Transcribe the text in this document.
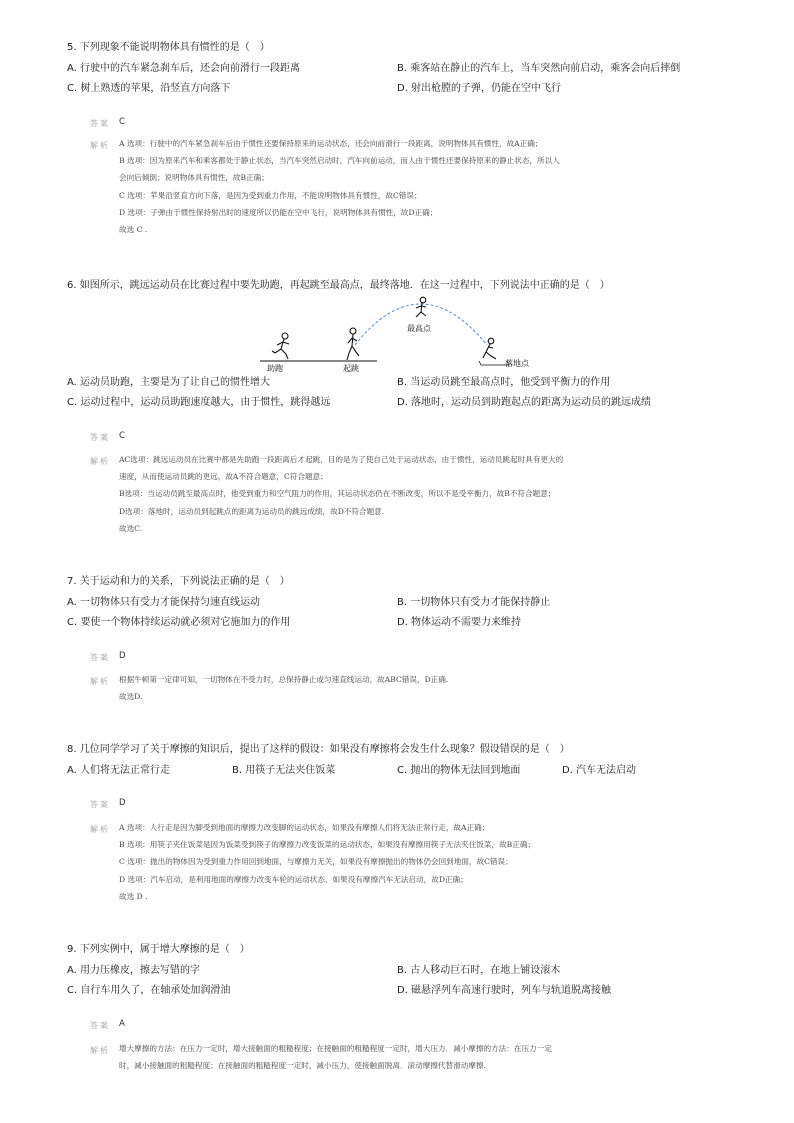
5. 下列现象不能说明物体具有惯性的是（　）
A. 行驶中的汽车紧急刹车后，还会向前滑行一段距离	B. 乘客站在静止的汽车上，当车突然向前启动，乘客会向后摔倒
C. 树上熟透的苹果，沿竖直方向落下	D. 射出枪膛的子弹，仍能在空中飞行
答案 C
解析 A 选项：行驶中的汽车紧急刹车后由于惯性还要保持原来的运动状态，还会向前滑行一段距离，说明物体具有惯性，故A正确；
B 选项：因为原来汽车和乘客都处于静止状态，当汽车突然启动时，汽车向前运动，而人由于惯性还要保持原来的静止状态，所以人
会向后倾倒；说明物体具有惯性，故B正确；
C 选项：苹果沿竖直方向下落，是因为受到重力作用，不能说明物体具有惯性，故C错误；
D 选项：子弹由于惯性保持射出时的速度所以仍能在空中飞行，说明物体具有惯性，故D正确；
故选 C .
6. 如图所示，跳远运动员在比赛过程中要先助跑，再起跳至最高点，最终落地．在这一过程中，下列说法中正确的是（　）
助跑	起跳
最高点
落地点
A. 运动员助跑，主要是为了让自己的惯性增大	B. 当运动员跳至最高点时，他受到平衡力的作用
C. 运动过程中，运动员助跑速度越大，由于惯性，跳得越远	D. 落地时，运动员到助跑起点的距离为运动员的跳远成绩
答案 C
解析 AC选项：跳远运动员在比赛中都是先助跑一段距离后才起跳，目的是为了使自己处于运动状态，由于惯性，运动员跳起时具有更大的
速度，从而使运动员跳的更远，故A不符合题意，C符合题意；
B选项：当运动员跳至最高点时，他受到重力和空气阻力的作用，其运动状态仍在不断改变，所以不是受平衡力，故B不符合题意；
D选项：落地时，运动员到起跳点的距离为运动员的跳远成绩，故D不符合题意.
故选C.
7. 关于运动和力的关系，下列说法正确的是（　）
A. 一切物体只有受力才能保持匀速直线运动	B. 一切物体只有受力才能保持静止
C. 要使一个物体持续运动就必须对它施加力的作用	D. 物体运动不需要力来维持
答案 D
解析 根据牛顿第一定律可知，一切物体在不受力时，总保持静止或匀速直线运动，故ABC错误，D正确.
故选D.
8. 几位同学学习了关于摩擦的知识后，提出了这样的假设：如果没有摩擦将会发生什么现象？假设错误的是（　）
A. 人们将无法正常行走	B. 用筷子无法夹住饭菜	C. 抛出的物体无法回到地面	D. 汽车无法启动
答案 D
解析 A 选项：人行走是因为脚受到地面的摩擦力改变脚的运动状态，如果没有摩擦人们将无法正常行走，故A正确；
B 选项：用筷子夹住饭菜是因为饭菜受到筷子的摩擦力改变饭菜的运动状态，如果没有摩擦用筷子无法夹住饭菜，故B正确；
C 选项：抛出的物体因为受到重力作用回到地面，与摩擦力无关，如果没有摩擦抛出的物体仍会回到地面，故C错误；
D 选项：汽车启动，是利用地面的摩擦力改变车轮的运动状态，如果没有摩擦汽车无法启动，故D正确；
故选 D .
9. 下列实例中，属于增大摩擦的是（　）
A. 用力压橡皮，擦去写错的字	B. 古人移动巨石时，在地上铺设滚木
C. 自行车用久了，在轴承处加润滑油	D. 磁悬浮列车高速行驶时，列车与轨道脱离接触
答案 A
解析 增大摩擦的方法：在压力一定时，增大接触面的粗糙程度；在接触面的粗糙程度一定时，增大压力．减小摩擦的方法：在压力一定
时，减小接触面的粗糙程度；在接触面的粗糙程度一定时，减小压力，使接触面脱离．滚动摩擦代替滑动摩擦.
